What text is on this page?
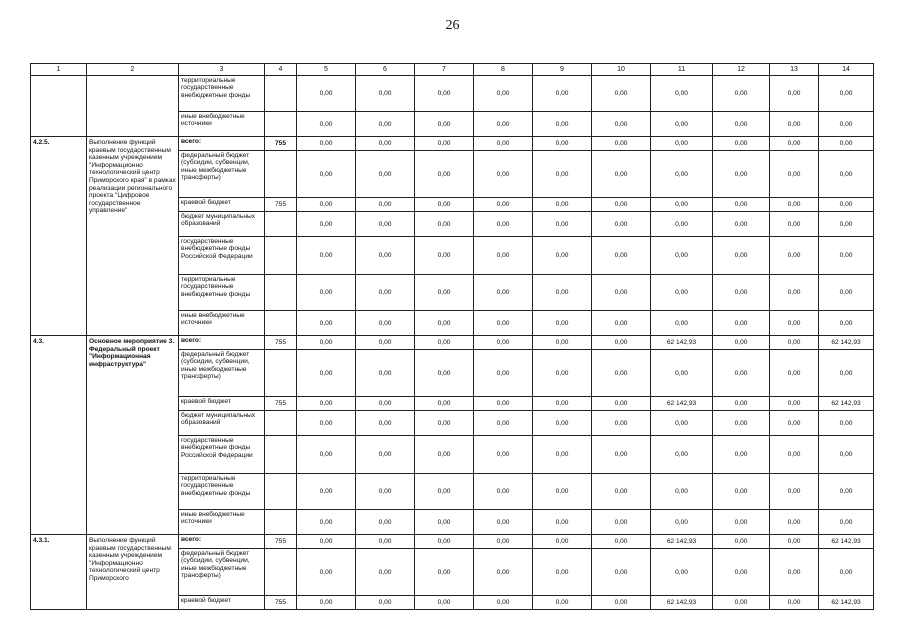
26
1	2	3	4	5	6	7	8	9	10	11	12	13	14
		территориальные государственные внебюджетные фонды		0,00	0,00	0,00	0,00	0,00	0,00	0,00	0,00	0,00	0,00
		иные внебюджетные источники		0,00	0,00	0,00	0,00	0,00	0,00	0,00	0,00	0,00	0,00
4.2.5.	Выполнение функций краевым государственным казенным учреждением "Информационно технологический центр Приморского края" в рамках реализации регионального проекта "Цифровое государственное управление"	всего:	755	0,00	0,00	0,00	0,00	0,00	0,00	0,00	0,00	0,00	0,00
		федеральный бюджет (субсидии, субвенции, иные межбюджетные трансферты)		0,00	0,00	0,00	0,00	0,00	0,00	0,00	0,00	0,00	0,00
		краевой бюджет	755	0,00	0,00	0,00	0,00	0,00	0,00	0,00	0,00	0,00	0,00
		бюджет муниципальных образований		0,00	0,00	0,00	0,00	0,00	0,00	0,00	0,00	0,00	0,00
		государственные внебюджетные фонды Российской Федерации		0,00	0,00	0,00	0,00	0,00	0,00	0,00	0,00	0,00	0,00
		территориальные государственные внебюджетные фонды		0,00	0,00	0,00	0,00	0,00	0,00	0,00	0,00	0,00	0,00
		иные внебюджетные источники		0,00	0,00	0,00	0,00	0,00	0,00	0,00	0,00	0,00	0,00
4.3.	Основное мероприятие 3. Федеральный проект "Информационная инфраструктура"	всего:	755	0,00	0,00	0,00	0,00	0,00	0,00	62 142,93	0,00	0,00	62 142,93
		федеральный бюджет (субсидии, субвенции, иные межбюджетные трансферты)		0,00	0,00	0,00	0,00	0,00	0,00	0,00	0,00	0,00	0,00
		краевой бюджет	755	0,00	0,00	0,00	0,00	0,00	0,00	62 142,93	0,00	0,00	62 142,93
		бюджет муниципальных образований		0,00	0,00	0,00	0,00	0,00	0,00	0,00	0,00	0,00	0,00
		государственные внебюджетные фонды Российской Федерации		0,00	0,00	0,00	0,00	0,00	0,00	0,00	0,00	0,00	0,00
		территориальные государственные внебюджетные фонды		0,00	0,00	0,00	0,00	0,00	0,00	0,00	0,00	0,00	0,00
		иные внебюджетные источники		0,00	0,00	0,00	0,00	0,00	0,00	0,00	0,00	0,00	0,00
4.3.1.	Выполнение функций краевым государственным казенным учреждением "Информационно технологический центр Приморского	всего:	755	0,00	0,00	0,00	0,00	0,00	0,00	62 142,93	0,00	0,00	62 142,93
		федеральный бюджет (субсидии, субвенции, иные межбюджетные трансферты)		0,00	0,00	0,00	0,00	0,00	0,00	0,00	0,00	0,00	0,00
		краевой бюджет	755	0,00	0,00	0,00	0,00	0,00	0,00	62 142,93	0,00	0,00	62 142,93
